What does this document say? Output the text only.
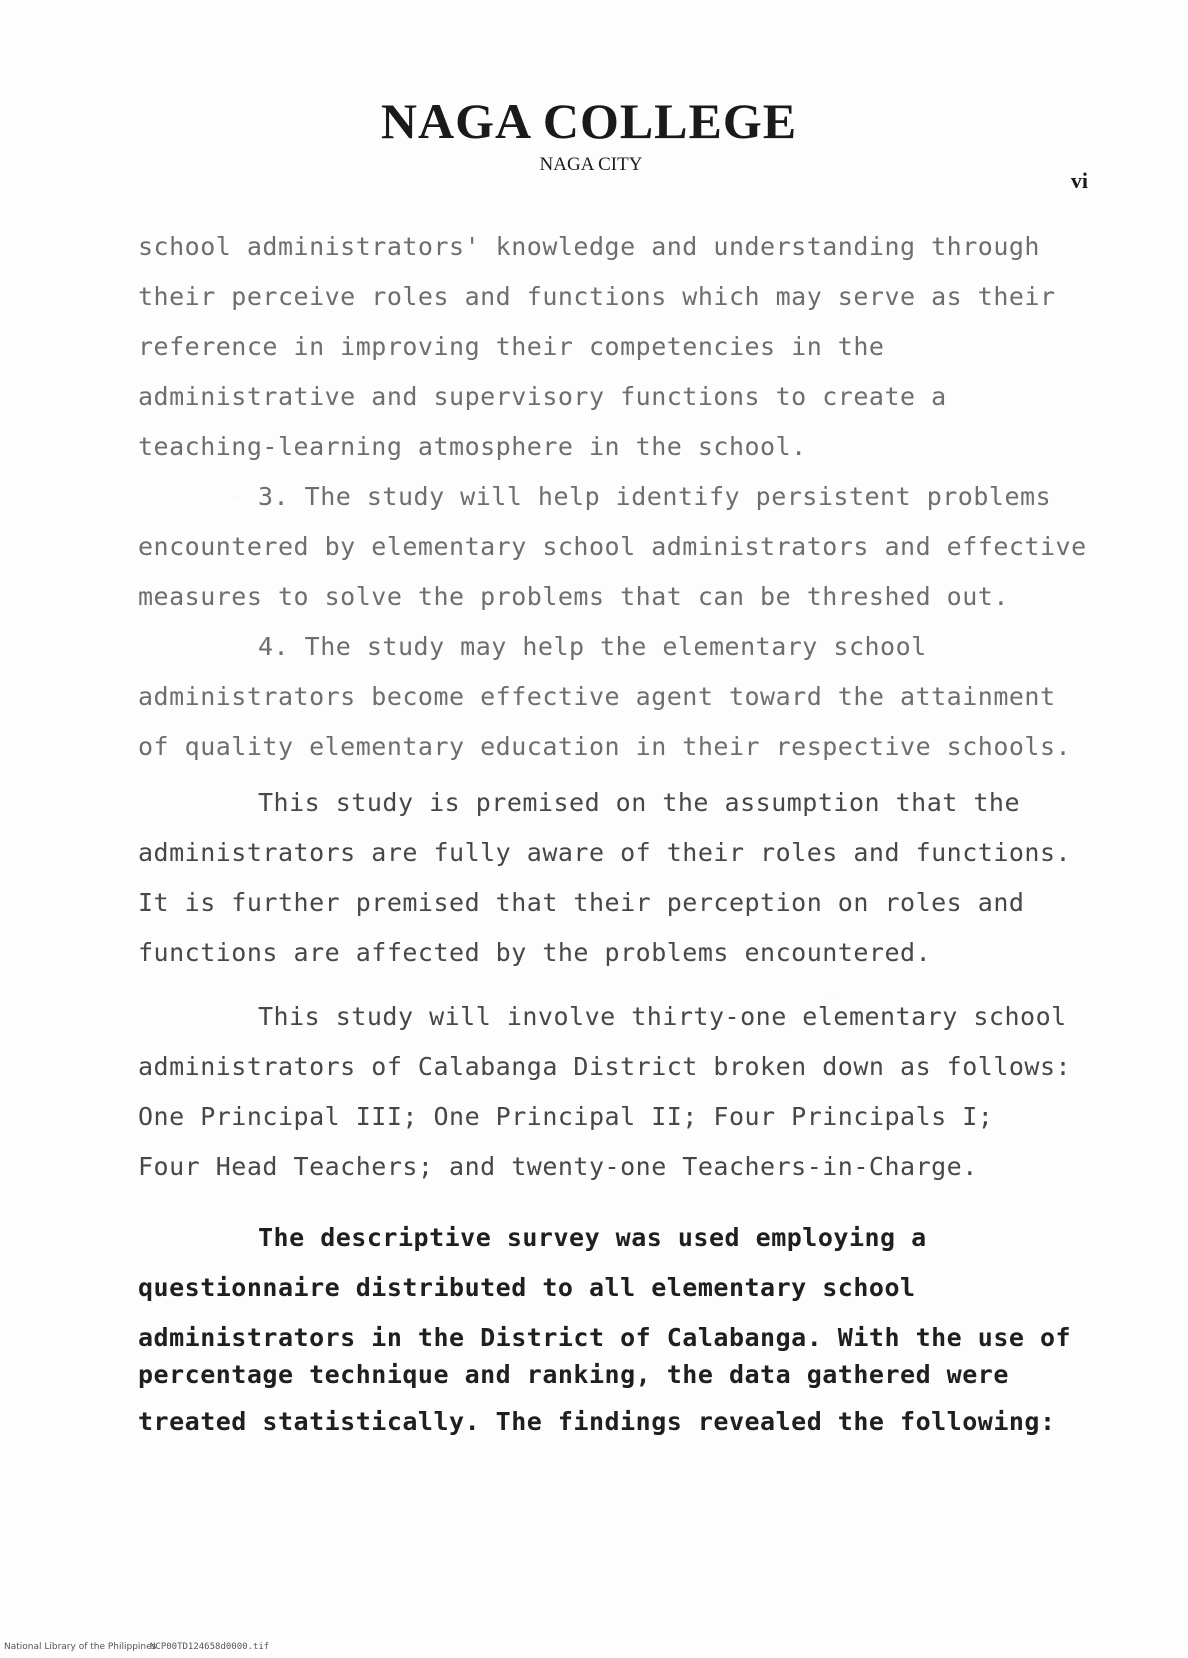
NAGA COLLEGE
NAGA CITY
vi
school administrators' knowledge and understanding through
their perceive roles and functions which may serve as their
reference in improving their competencies in the
administrative and supervisory functions to create a
teaching-learning atmosphere in the school.
3. The study will help identify persistent problems
encountered by elementary school administrators and effective
measures to solve the problems that can be threshed out.
4. The study may help the elementary school
administrators become effective agent toward the attainment
of quality elementary education in their respective schools.
This study is premised on the assumption that the
administrators are fully aware of their roles and functions.
It is further premised that their perception on roles and
functions are affected by the problems encountered.
This study will involve thirty-one elementary school
administrators of Calabanga District broken down as follows:
One Principal III; One Principal II; Four Principals I;
Four Head Teachers; and twenty-one Teachers-in-Charge.
The descriptive survey was used employing a
questionnaire distributed to all elementary school
administrators in the District of Calabanga. With the use of
percentage technique and ranking, the data gathered were
treated statistically. The findings revealed the following:
National Library of the Philippines
NCP00TD124658d0000.tif
